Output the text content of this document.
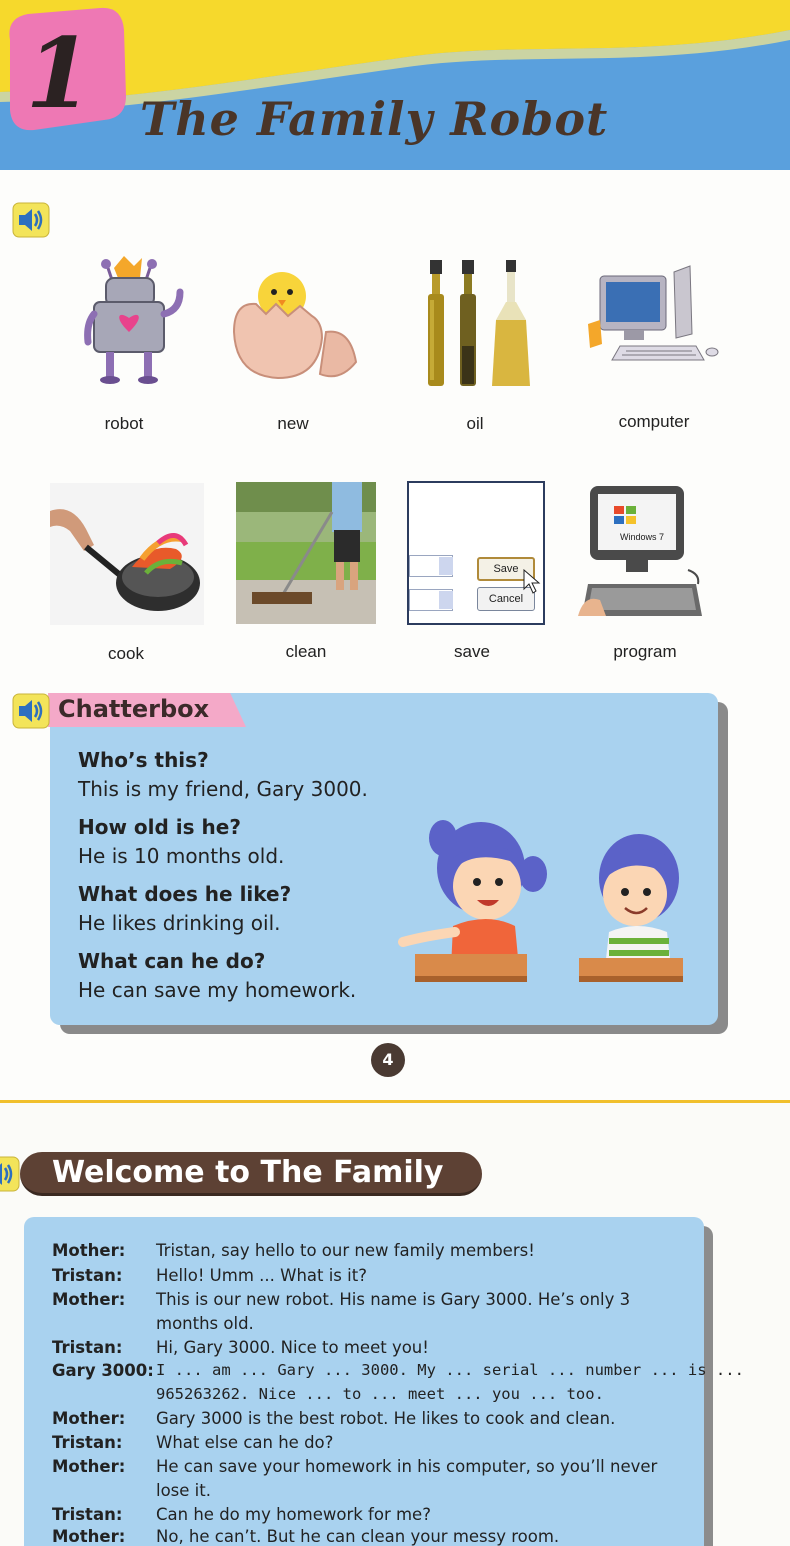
1 The Family Robot
robot	new	oil	computer
cook	clean
Save
Cancel
save
Windows 7
program
Chatterbox
Who’s this?
This is my friend, Gary 3000.
How old is he?
He is 10 months old.
What does he like?
He likes drinking oil.
What can he do?
He can save my homework.
4
Welcome to The Family
Mother: Tristan, say hello to our new family members!
Tristan: Hello! Umm ... What is it?
Mother: This is our new robot. His name is Gary 3000. He’s only 3
months old.
Tristan: Hi, Gary 3000. Nice to meet you!
Gary 3000: I ... am ... Gary ... 3000. My ... serial ... number ... is ...
965263262. Nice ... to ... meet ... you ... too.
Mother: Gary 3000 is the best robot. He likes to cook and clean.
Tristan: What else can he do?
Mother: He can save your homework in his computer, so you’ll never
lose it.
Tristan: Can he do my homework for me?
Mother: No, he can’t. But he can clean your messy room.
